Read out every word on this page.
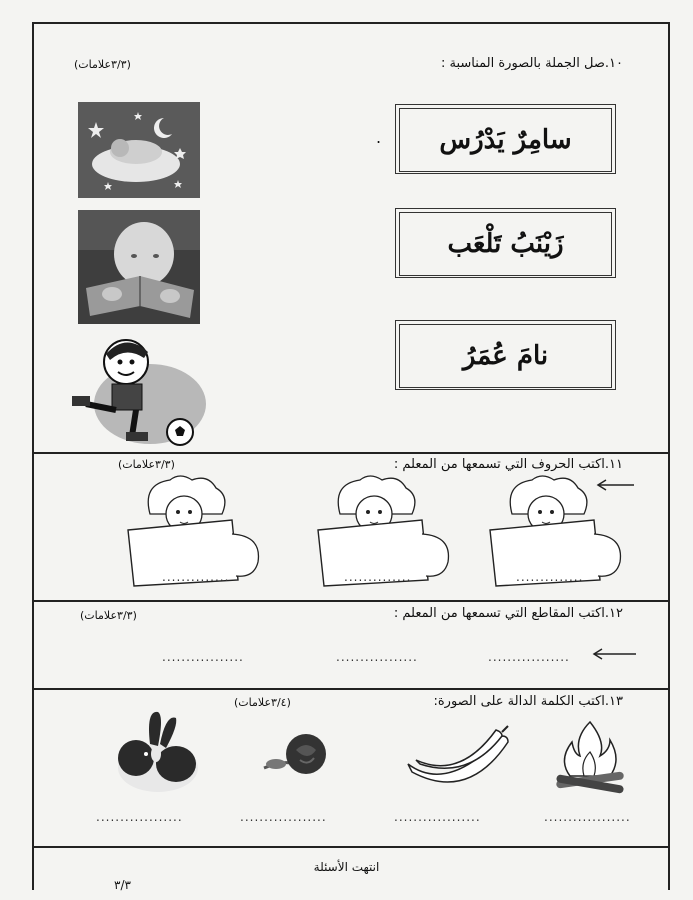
١٠.صل الجملة بالصورة المناسبة :
(٣/٣علامات)
سامِرٌ يَدْرُس
زَيْنَبُ تَلْعَب
نامَ عُمَرُ
.
١١.اكتب الحروف التي تسمعها من المعلم :
(٣/٣علامات)
..............	..............	..............
١٢.اكتب المقاطع التي تسمعها من المعلم :
(٣/٣علامات)
.................	.................	.................
١٣.اكتب الكلمة الدالة على الصورة:
(٣/٤علامات)
..................	..................	..................	..................
انتهت الأسئلة
٣/٣
